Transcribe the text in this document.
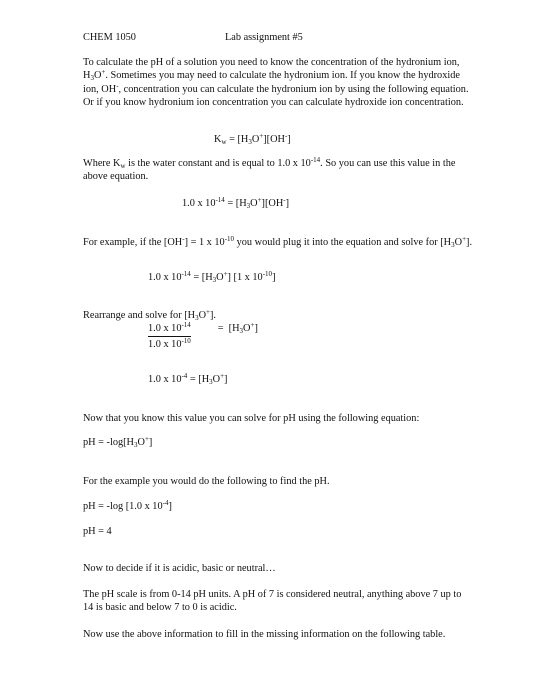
CHEM 1050	Lab assignment #5
To calculate the pH of a solution you need to know the concentration of the hydronium ion, $H_3O^+$. Sometimes you may need to calculate the hydronium ion. If you know the hydroxide ion, OH-, concentration you can calculate the hydronium ion by using the following equation. Or if you know hydronium ion concentration you can calculate hydroxide ion concentration.
$K_w = [H_3O^+][OH^-]$
Where $K_w$ is the water constant and is equal to 1.0 x $10^{-14}$. So you can use this value in the above equation.
1.0 x $10^{-14} = [H_3O^+][OH^-]$
For example, if the [OH-] = 1 x $10^{-10}$ you would plug it into the equation and solve for $[H_3O^+]$.
1.0 x $10^{-14} = [H_3O^+]$ [1 x $10^{-10}$]
Rearrange and solve for $[H_3O^+]$.
$\frac{1.0 x 10^{-14}}{1.0 x 10^{-10}} = [H_3O^+]$
1.0 x $10^{-4} = [H_3O^+]$
Now that you know this value you can solve for pH using the following equation:
pH = $-\log[H_3O^+]$
For the example you would do the following to find the pH.
pH = -log [1.0 x $10^{-4}$]
pH = 4
Now to decide if it is acidic, basic or neutral…
The pH scale is from 0-14 pH units. A pH of 7 is considered neutral, anything above 7 up to 14 is basic and below 7 to 0 is acidic.
Now use the above information to fill in the missing information on the following table.
